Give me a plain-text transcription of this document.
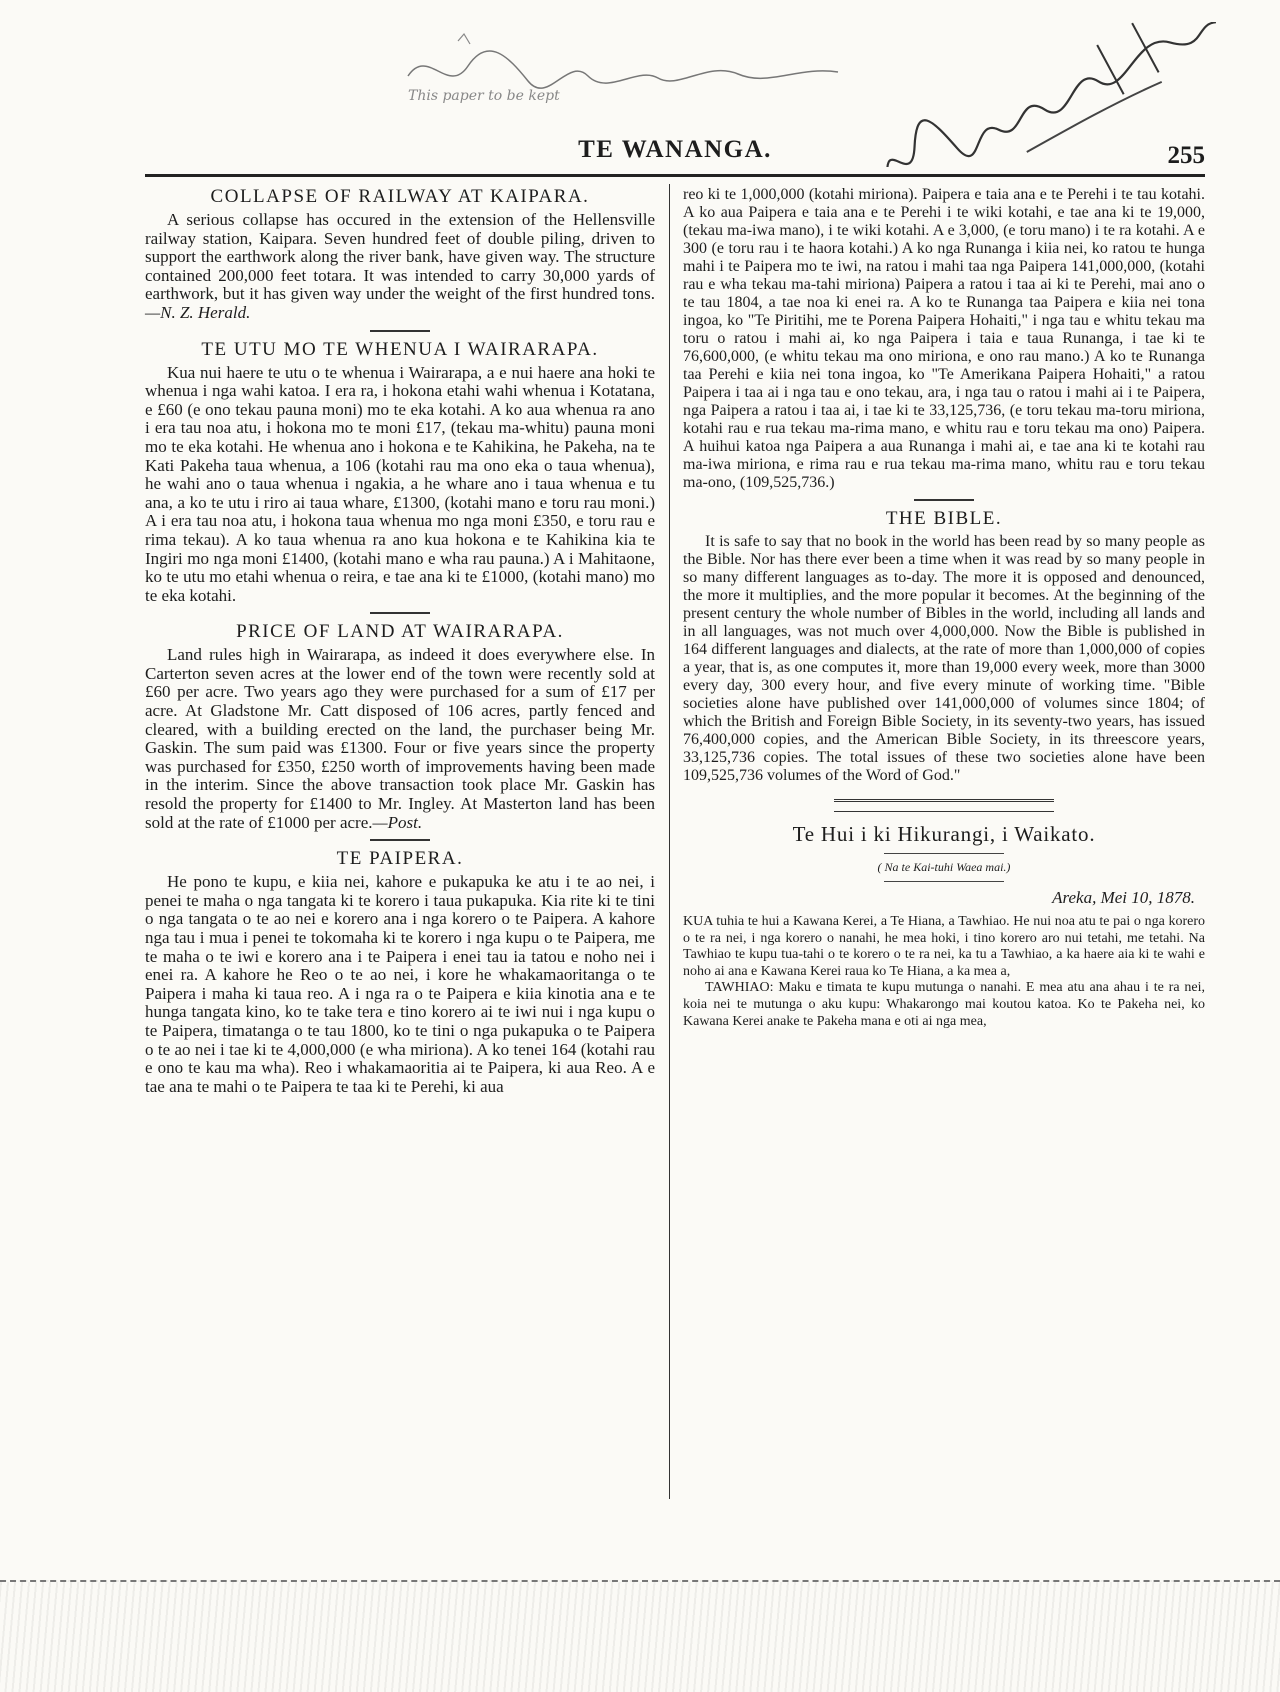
This paper to be kept
TE WANANGA.	255
COLLAPSE OF RAILWAY AT KAIPARA.

A serious collapse has occured in the extension of the Hellensville railway station, Kaipara. Seven hundred feet of double piling, driven to support the earthwork along the river bank, have given way. The structure contained 200,000 feet totara. It was intended to carry 30,000 yards of earthwork, but it has given way under the weight of the first hundred tons.—N. Z. Herald.

TE UTU MO TE WHENUA I WAIRARAPA.

Kua nui haere te utu o te whenua i Wairarapa, a e nui haere ana hoki te whenua i nga wahi katoa. I era ra, i hokona etahi wahi whenua i Kotatana, e £60 (e ono tekau pauna moni) mo te eka kotahi. A ko aua whenua ra ano i era tau noa atu, i hokona mo te moni £17, (tekau ma-whitu) pauna moni mo te eka kotahi. He whenua ano i hokona e te Kahikina, he Pakeha, na te Kati Pakeha taua whenua, a 106 (kotahi rau ma ono eka o taua whenua), he wahi ano o taua whenua i ngakia, a he whare ano i taua whenua e tu ana, a ko te utu i riro ai taua whare, £1300, (kotahi mano e toru rau moni.) A i era tau noa atu, i hokona taua whenua mo nga moni £350, e toru rau e rima tekau). A ko taua whenua ra ano kua hokona e te Kahikina kia te Ingiri mo nga moni £1400, (kotahi mano e wha rau pauna.) A i Mahitaone, ko te utu mo etahi whenua o reira, e tae ana ki te £1000, (kotahi mano) mo te eka kotahi.

PRICE OF LAND AT WAIRARAPA.

Land rules high in Wairarapa, as indeed it does everywhere else. In Carterton seven acres at the lower end of the town were recently sold at £60 per acre. Two years ago they were purchased for a sum of £17 per acre. At Gladstone Mr. Catt disposed of 106 acres, partly fenced and cleared, with a building erected on the land, the purchaser being Mr. Gaskin. The sum paid was £1300. Four or five years since the property was purchased for £350, £250 worth of improvements having been made in the interim. Since the above transaction took place Mr. Gaskin has resold the property for £1400 to Mr. Ingley. At Masterton land has been sold at the rate of £1000 per acre.—Post.

TE PAIPERA.

He pono te kupu, e kiia nei, kahore e pukapuka ke atu i te ao nei, i penei te maha o nga tangata ki te korero i taua pukapuka. Kia rite ki te tini o nga tangata o te ao nei e korero ana i nga korero o te Paipera. A kahore nga tau i mua i penei te tokomaha ki te korero i nga kupu o te Paipera, me te maha o te iwi e korero ana i te Paipera i enei tau ia tatou e noho nei i enei ra. A kahore he Reo o te ao nei, i kore he whakamaoritanga o te Paipera i maha ki taua reo. A i nga ra o te Paipera e kiia kinotia ana e te hunga tangata kino, ko te take tera e tino korero ai te iwi nui i nga kupu o te Paipera, timatanga o te tau 1800, ko te tini o nga pukapuka o te Paipera o te ao nei i tae ki te 4,000,000 (e wha miriona). A ko tenei 164 (kotahi rau e ono te kau ma wha). Reo i whakamaoritia ai te Paipera, ki aua Reo. A e tae ana te mahi o te Paipera te taa ki te Perehi, ki aua

reo ki te 1,000,000 (kotahi miriona). Paipera e taia ana e te Perehi i te tau kotahi. A ko aua Paipera e taia ana e te Perehi i te wiki kotahi, e tae ana ki te 19,000, (tekau ma-iwa mano), i te wiki kotahi. A e 3,000, (e toru mano) i te ra kotahi. A e 300 (e toru rau i te haora kotahi.) A ko nga Runanga i kiia nei, ko ratou te hunga mahi i te Paipera mo te iwi, na ratou i mahi taa nga Paipera 141,000,000, (kotahi rau e wha tekau ma-tahi miriona) Paipera a ratou i taa ai ki te Perehi, mai ano o te tau 1804, a tae noa ki enei ra. A ko te Runanga taa Paipera e kiia nei tona ingoa, ko "Te Piritihi, me te Porena Paipera Hohaiti," i nga tau e whitu tekau ma toru o ratou i mahi ai, ko nga Paipera i taia e taua Runanga, i tae ki te 76,600,000, (e whitu tekau ma ono miriona, e ono rau mano.) A ko te Runanga taa Perehi e kiia nei tona ingoa, ko "Te Amerikana Paipera Hohaiti," a ratou Paipera i taa ai i nga tau e ono tekau, ara, i nga tau o ratou i mahi ai i te Paipera, nga Paipera a ratou i taa ai, i tae ki te 33,125,736, (e toru tekau ma-toru miriona, kotahi rau e rua tekau ma-rima mano, e whitu rau e toru tekau ma ono) Paipera. A huihui katoa nga Paipera a aua Runanga i mahi ai, e tae ana ki te kotahi rau ma-iwa miriona, e rima rau e rua tekau ma-rima mano, whitu rau e toru tekau ma-ono, (109,525,736.)

THE BIBLE.

It is safe to say that no book in the world has been read by so many people as the Bible. Nor has there ever been a time when it was read by so many people in so many different languages as to-day. The more it is opposed and denounced, the more it multiplies, and the more popular it becomes. At the beginning of the present century the whole number of Bibles in the world, including all lands and in all languages, was not much over 4,000,000. Now the Bible is published in 164 different languages and dialects, at the rate of more than 1,000,000 of copies a year, that is, as one computes it, more than 19,000 every week, more than 3000 every day, 300 every hour, and five every minute of working time. "Bible societies alone have published over 141,000,000 of volumes since 1804; of which the British and Foreign Bible Society, in its seventy-two years, has issued 76,400,000 copies, and the American Bible Society, in its threescore years, 33,125,736 copies. The total issues of these two societies alone have been 109,525,736 volumes of the Word of God."

Te Hui i ki Hikurangi, i Waikato.
( Na te Kai-tuhi Waea mai.)
Areka, Mei 10, 1878.

KUA tuhia te hui a Kawana Kerei, a Te Hiana, a Tawhiao. He nui noa atu te pai o nga korero o te ra nei, i nga korero o nanahi, he mea hoki, i tino korero aro nui tetahi, me tetahi. Na Tawhiao te kupu tua-tahi o te korero o te ra nei, ka tu a Tawhiao, a ka haere aia ki te wahi e noho ai ana e Kawana Kerei raua ko Te Hiana, a ka mea a,

TAWHIAO: Maku e timata te kupu mutunga o nanahi. E mea atu ana ahau i te ra nei, koia nei te mutunga o aku kupu: Whakarongo mai koutou katoa. Ko te Pakeha nei, ko Kawana Kerei anake te Pakeha mana e oti ai nga mea,
